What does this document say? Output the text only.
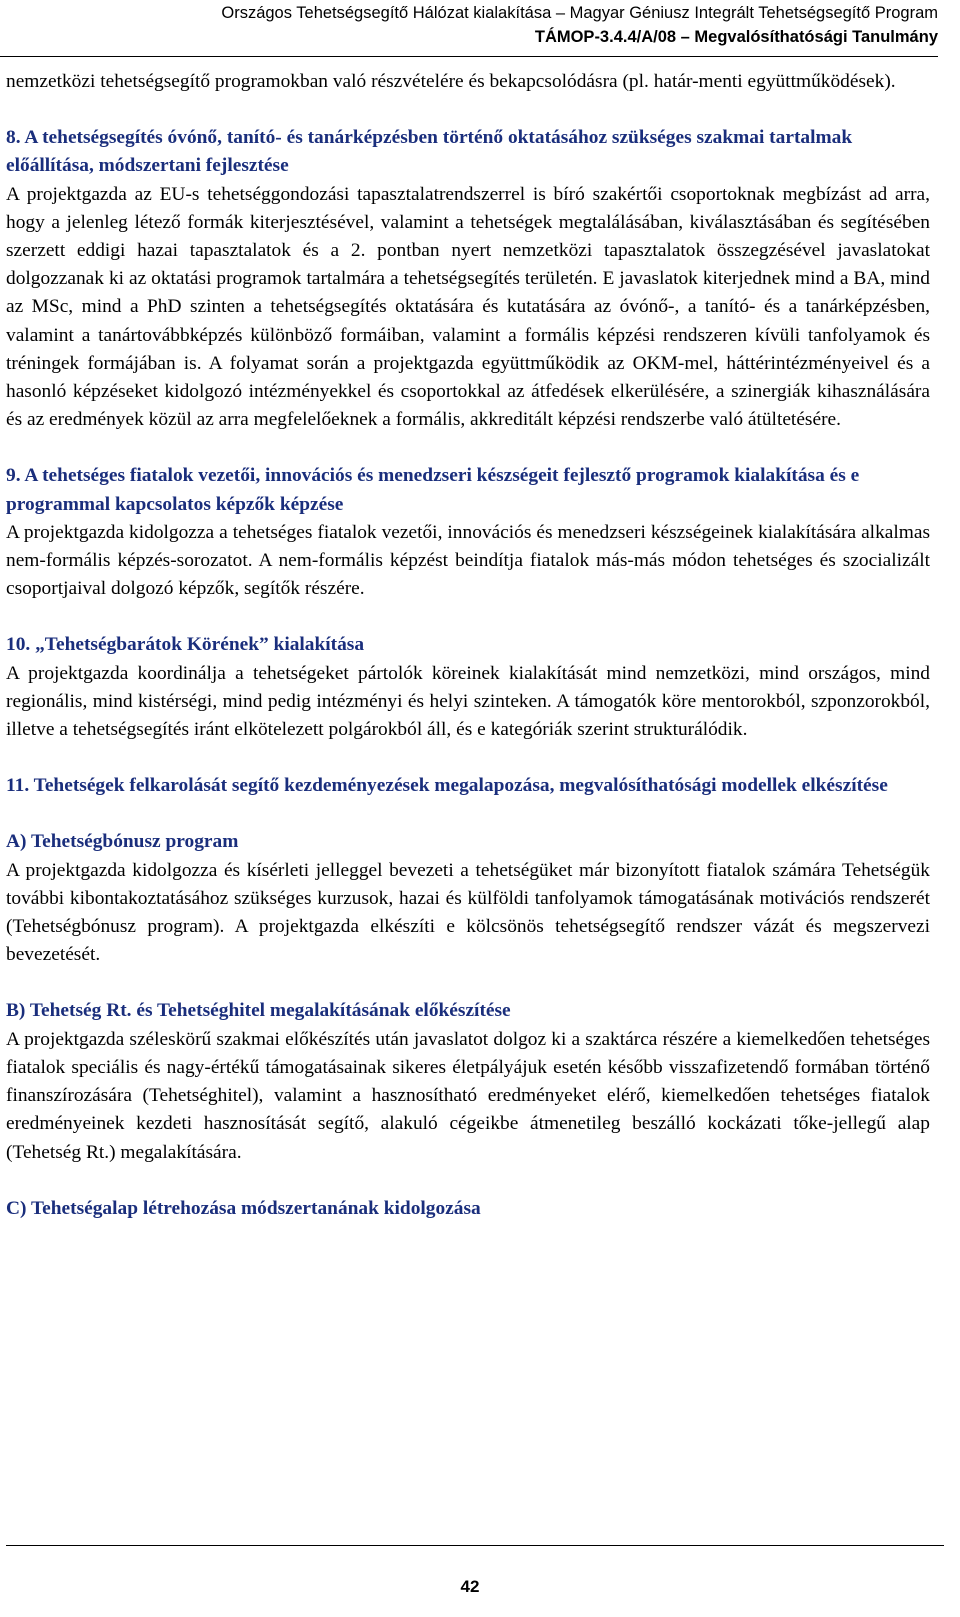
Országos Tehetségsegítő Hálózat kialakítása – Magyar Géniusz Integrált Tehetségsegítő Program
TÁMOP-3.4.4/A/08 – Megvalósíthatósági Tanulmány

nemzetközi tehetségsegítő programokban való részvételére és bekapcsolódásra (pl. határ-menti együttműködések).

8. A tehetségsegítés óvónő, tanító- és tanárképzésben történő oktatásához szükséges szakmai tartalmak előállítása, módszertani fejlesztése

A projektgazda az EU-s tehetséggondozási tapasztalatrendszerrel is bíró szakértői csoportoknak megbízást ad arra, hogy a jelenleg létező formák kiterjesztésével, valamint a tehetségek megtalálásában, kiválasztásában és segítésében szerzett eddigi hazai tapasztalatok és a 2. pontban nyert nemzetközi tapasztalatok összegzésével javaslatokat dolgozzanak ki az oktatási programok tartalmára a tehetségsegítés területén. E javaslatok kiterjednek mind a BA, mind az MSc, mind a PhD szinten a tehetségsegítés oktatására és kutatására az óvónő-, a tanító- és a tanárképzésben, valamint a tanártovábbképzés különböző formáiban, valamint a formális képzési rendszeren kívüli tanfolyamok és tréningek formájában is. A folyamat során a projektgazda együttműködik az OKM-mel, háttérintézményeivel és a hasonló képzéseket kidolgozó intézményekkel és csoportokkal az átfedések elkerülésére, a szinergiák kihasználására és az eredmények közül az arra megfelelőeknek a formális, akkreditált képzési rendszerbe való átültetésére.

9. A tehetséges fiatalok vezetői, innovációs és menedzseri készségeit fejlesztő programok kialakítása és e programmal kapcsolatos képzők képzése

A projektgazda kidolgozza a tehetséges fiatalok vezetői, innovációs és menedzseri készségeinek kialakítására alkalmas nem-formális képzés-sorozatot. A nem-formális képzést beindítja fiatalok más-más módon tehetséges és szocializált csoportjaival dolgozó képzők, segítők részére.

10. „Tehetségbarátok Körének” kialakítása

A projektgazda koordinálja a tehetségeket pártolók köreinek kialakítását mind nemzetközi, mind országos, mind regionális, mind kistérségi, mind pedig intézményi és helyi szinteken. A támogatók köre mentorokból, szponzorokból, illetve a tehetségsegítés iránt elkötelezett polgárokból áll, és e kategóriák szerint strukturálódik.

11. Tehetségek felkarolását segítő kezdeményezések megalapozása, megvalósíthatósági modellek elkészítése

A) Tehetségbónusz program

A projektgazda kidolgozza és kísérleti jelleggel bevezeti a tehetségüket már bizonyított fiatalok számára Tehetségük további kibontakoztatásához szükséges kurzusok, hazai és külföldi tanfolyamok támogatásának motivációs rendszerét (Tehetségbónusz program). A projektgazda elkészíti e kölcsönös tehetségsegítő rendszer vázát és megszervezi bevezetését.

B) Tehetség Rt. és Tehetséghitel megalakításának előkészítése

A projektgazda széleskörű szakmai előkészítés után javaslatot dolgoz ki a szaktárca részére a kiemelkedően tehetséges fiatalok speciális és nagy-értékű támogatásainak sikeres életpályájuk esetén később visszafizetendő formában történő finanszírozására (Tehetséghitel), valamint a hasznosítható eredményeket elérő, kiemelkedően tehetséges fiatalok eredményeinek kezdeti hasznosítását segítő, alakuló cégeikbe átmenetileg beszálló kockázati tőke-jellegű alap (Tehetség Rt.) megalakítására.

C) Tehetségalap létrehozása módszertanának kidolgozása

42
